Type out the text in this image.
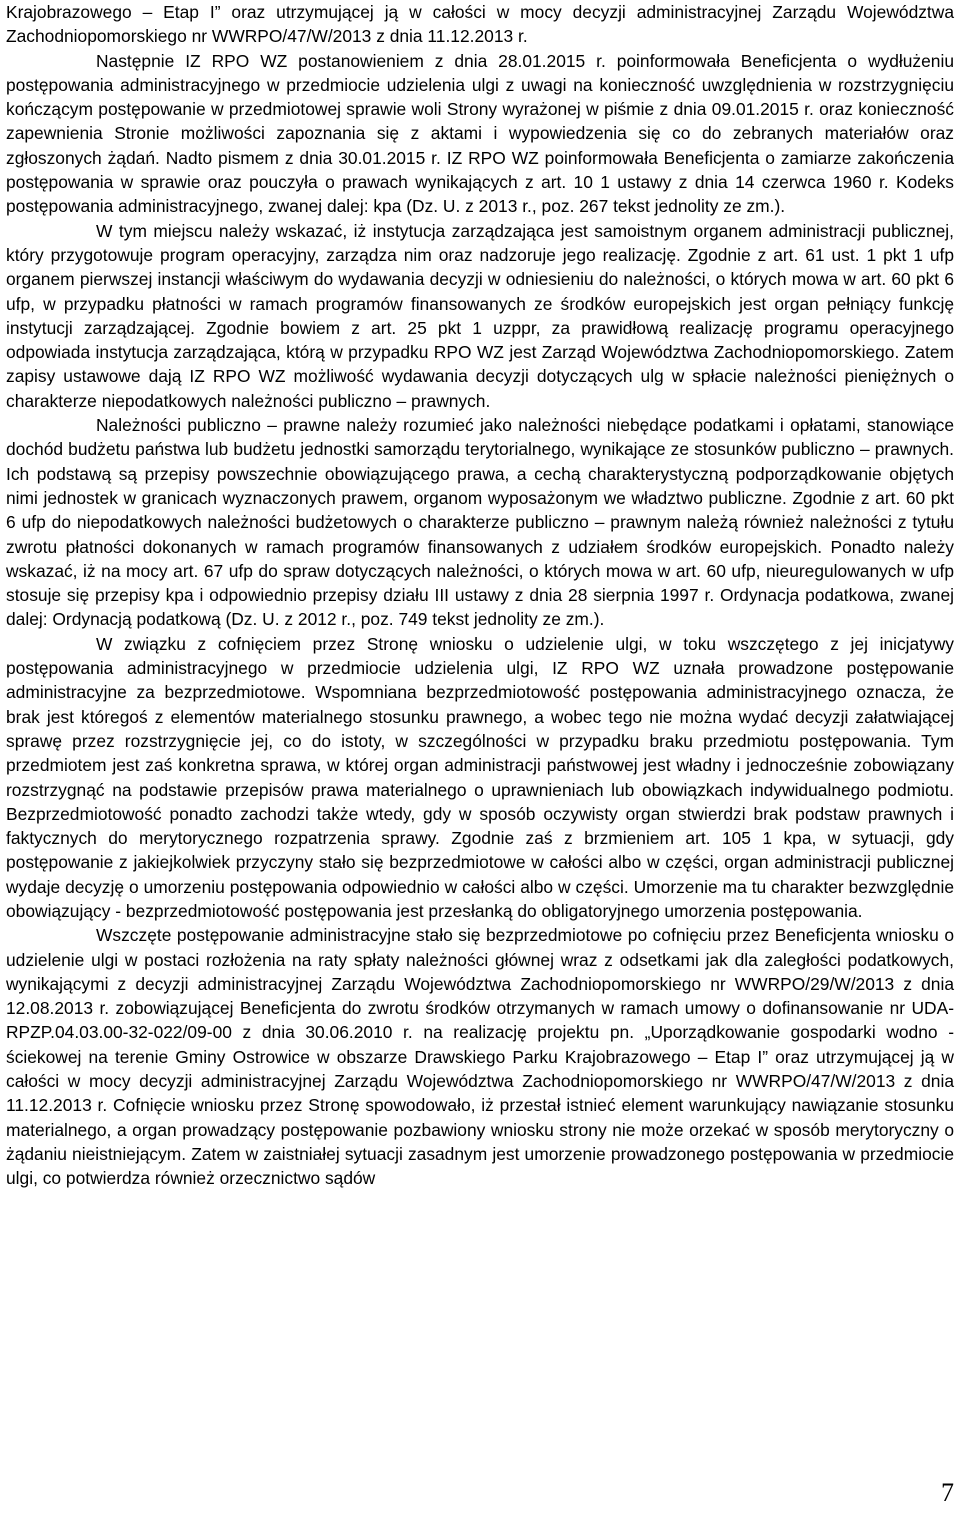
Krajobrazowego – Etap I” oraz utrzymującej ją w całości w mocy decyzji administracyjnej Zarządu Województwa Zachodniopomorskiego nr WWRPO/47/W/2013 z dnia 11.12.2013 r.

Następnie IZ RPO WZ postanowieniem z dnia 28.01.2015 r. poinformowała Beneficjenta o wydłużeniu postępowania administracyjnego w przedmiocie udzielenia ulgi z uwagi na konieczność uwzględnienia w rozstrzygnięciu kończącym postępowanie w przedmiotowej sprawie woli Strony wyrażonej w piśmie z dnia 09.01.2015 r. oraz konieczność zapewnienia Stronie możliwości zapoznania się z aktami i wypowiedzenia się co do zebranych materiałów oraz zgłoszonych żądań. Nadto pismem z dnia 30.01.2015 r. IZ RPO WZ poinformowała Beneficjenta o zamiarze zakończenia postępowania w sprawie oraz pouczyła o prawach wynikających z art. 10 1 ustawy z dnia 14 czerwca 1960 r. Kodeks postępowania administracyjnego, zwanej dalej: kpa (Dz. U. z 2013 r., poz. 267 tekst jednolity ze zm.).

W tym miejscu należy wskazać, iż instytucja zarządzająca jest samoistnym organem administracji publicznej, który przygotowuje program operacyjny, zarządza nim oraz nadzoruje jego realizację. Zgodnie z art. 61 ust. 1 pkt 1 ufp organem pierwszej instancji właściwym do wydawania decyzji w odniesieniu do należności, o których mowa w art. 60 pkt 6 ufp, w przypadku płatności w ramach programów finansowanych ze środków europejskich jest organ pełniący funkcję instytucji zarządzającej. Zgodnie bowiem z art. 25 pkt 1 uzppr, za prawidłową realizację programu operacyjnego odpowiada instytucja zarządzająca, którą w przypadku RPO WZ jest Zarząd Województwa Zachodniopomorskiego. Zatem zapisy ustawowe dają IZ RPO WZ możliwość wydawania decyzji dotyczących ulg w spłacie należności pieniężnych o charakterze niepodatkowych należności publiczno – prawnych.

Należności publiczno – prawne należy rozumieć jako należności niebędące podatkami i opłatami, stanowiące dochód budżetu państwa lub budżetu jednostki samorządu terytorialnego, wynikające ze stosunków publiczno – prawnych. Ich podstawą są przepisy powszechnie obowiązującego prawa, a cechą charakterystyczną podporządkowanie objętych nimi jednostek w granicach wyznaczonych prawem, organom wyposażonym we władztwo publiczne. Zgodnie z art. 60 pkt 6 ufp do niepodatkowych należności budżetowych o charakterze publiczno – prawnym należą również należności z tytułu zwrotu płatności dokonanych w ramach programów finansowanych z udziałem środków europejskich. Ponadto należy wskazać, iż na mocy art. 67 ufp do spraw dotyczących należności, o których mowa w art. 60 ufp, nieuregulowanych w ufp stosuje się przepisy kpa i odpowiednio przepisy działu III ustawy z dnia 28 sierpnia 1997 r. Ordynacja podatkowa, zwanej dalej: Ordynacją podatkową (Dz. U. z 2012 r., poz. 749 tekst jednolity ze zm.).

W związku z cofnięciem przez Stronę wniosku o udzielenie ulgi, w toku wszczętego z jej inicjatywy postępowania administracyjnego w przedmiocie udzielenia ulgi, IZ RPO WZ uznała prowadzone postępowanie administracyjne za bezprzedmiotowe. Wspomniana bezprzedmiotowość postępowania administracyjnego oznacza, że brak jest któregoś z elementów materialnego stosunku prawnego, a wobec tego nie można wydać decyzji załatwiającej sprawę przez rozstrzygnięcie jej, co do istoty, w szczególności w przypadku braku przedmiotu postępowania. Tym przedmiotem jest zaś konkretna sprawa, w której organ administracji państwowej jest władny i jednocześnie zobowiązany rozstrzygnąć na podstawie przepisów prawa materialnego o uprawnieniach lub obowiązkach indywidualnego podmiotu. Bezprzedmiotowość ponadto zachodzi także wtedy, gdy w sposób oczywisty organ stwierdzi brak podstaw prawnych i faktycznych do merytorycznego rozpatrzenia sprawy. Zgodnie zaś z brzmieniem art. 105 1 kpa, w sytuacji, gdy postępowanie z jakiejkolwiek przyczyny stało się bezprzedmiotowe w całości albo w części, organ administracji publicznej wydaje decyzję o umorzeniu postępowania odpowiednio w całości albo w części. Umorzenie ma tu charakter bezwzględnie obowiązujący - bezprzedmiotowość postępowania jest przesłanką do obligatoryjnego umorzenia postępowania.

Wszczęte postępowanie administracyjne stało się bezprzedmiotowe po cofnięciu przez Beneficjenta wniosku o udzielenie ulgi w postaci rozłożenia na raty spłaty należności głównej wraz z odsetkami jak dla zaległości podatkowych, wynikającymi z decyzji administracyjnej Zarządu Województwa Zachodniopomorskiego nr WWRPO/29/W/2013 z dnia 12.08.2013 r. zobowiązującej Beneficjenta do zwrotu środków otrzymanych w ramach umowy o dofinansowanie nr UDA-RPZP.04.03.00-32-022/09-00 z dnia 30.06.2010 r. na realizację projektu pn. „Uporządkowanie gospodarki wodno - ściekowej na terenie Gminy Ostrowice w obszarze Drawskiego Parku Krajobrazowego – Etap I” oraz utrzymującej ją w całości w mocy decyzji administracyjnej Zarządu Województwa Zachodniopomorskiego nr WWRPO/47/W/2013 z dnia 11.12.2013 r. Cofnięcie wniosku przez Stronę spowodowało, iż przestał istnieć element warunkujący nawiązanie stosunku materialnego, a organ prowadzący postępowanie pozbawiony wniosku strony nie może orzekać w sposób merytoryczny o żądaniu nieistniejącym. Zatem w zaistniałej sytuacji zasadnym jest umorzenie prowadzonego postępowania w przedmiocie ulgi, co potwierdza również orzecznictwo sądów

7
